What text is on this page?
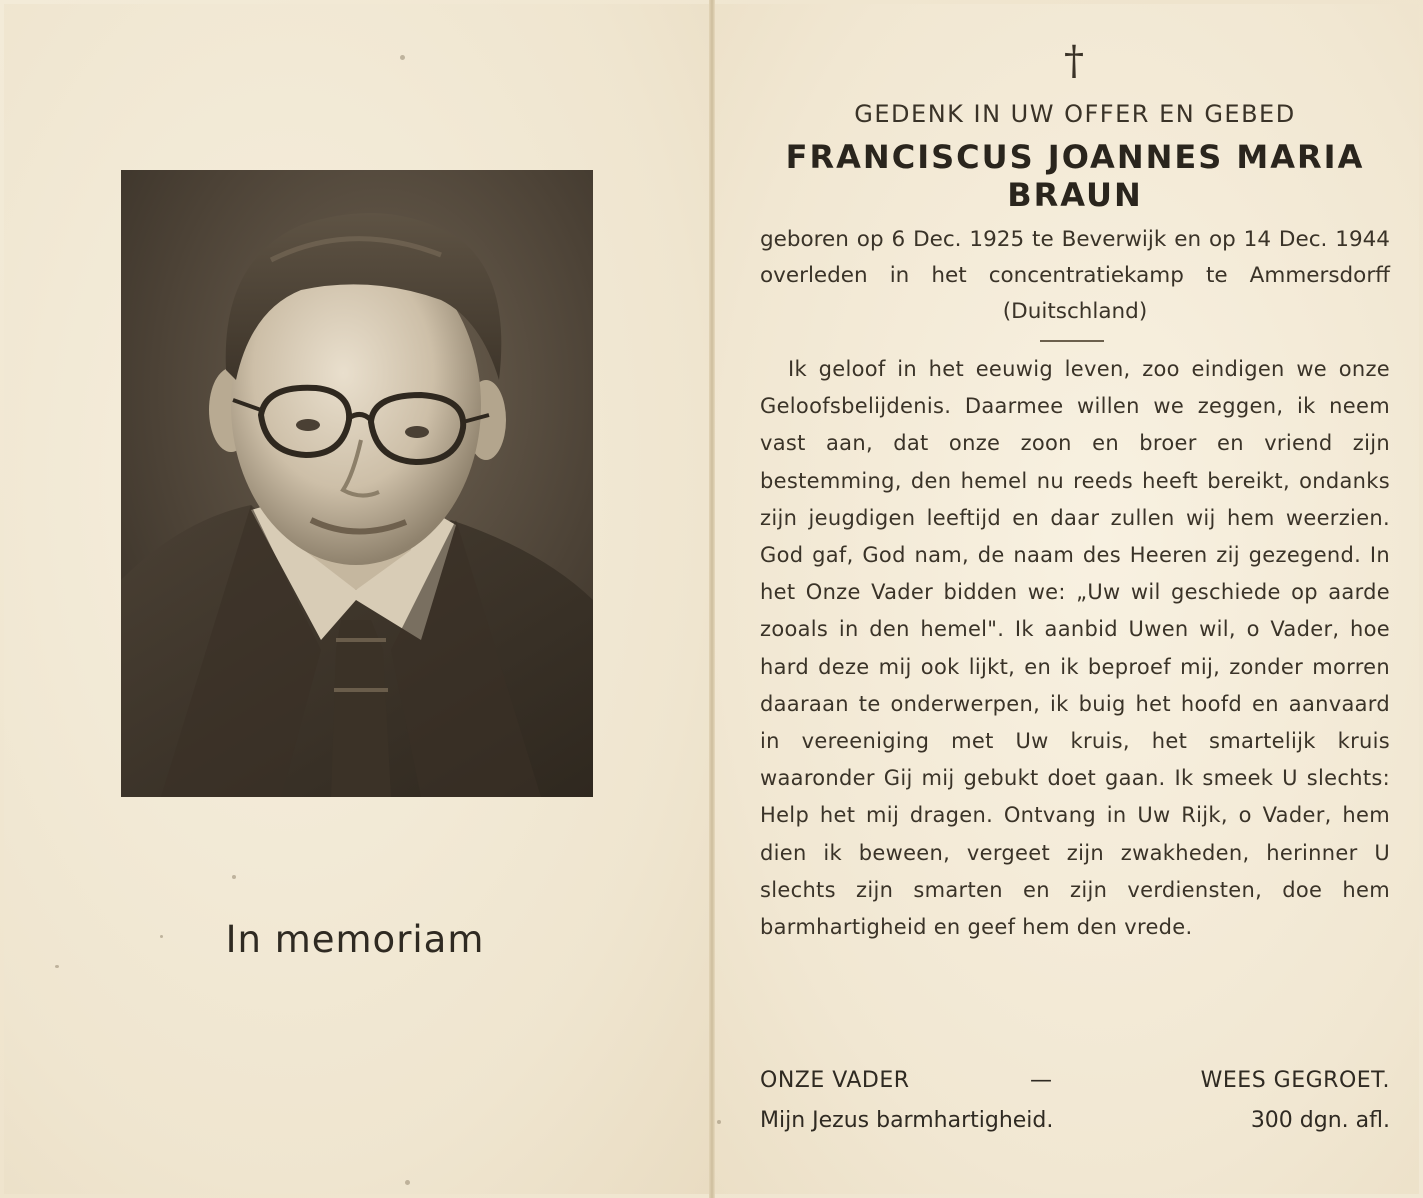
In memoriam
†
GEDENK IN UW OFFER EN GEBED
FRANCISCUS JOANNES MARIA
BRAUN
geboren op 6 Dec. 1925 te Beverwijk en op 14 Dec. 1944 overleden in het concentratiekamp te Ammersdorff (Duitschland)
Ik geloof in het eeuwig leven, zoo eindigen we onze Geloofsbelijdenis. Daarmee willen we zeggen, ik neem vast aan, dat onze zoon en broer en vriend zijn bestemming, den hemel nu reeds heeft bereikt, ondanks zijn jeugdigen leeftijd en daar zullen wij hem weerzien. God gaf, God nam, de naam des Heeren zij gezegend. In het Onze Vader bidden we: „Uw wil geschiede op aarde zooals in den hemel". Ik aanbid Uwen wil, o Vader, hoe hard deze mij ook lijkt, en ik beproef mij, zonder morren daaraan te onderwerpen, ik buig het hoofd en aanvaard in vereeniging met Uw kruis, het smartelijk kruis waaronder Gij mij gebukt doet gaan. Ik smeek U slechts: Help het mij dragen. Ontvang in Uw Rijk, o Vader, hem dien ik beween, vergeet zijn zwakheden, herinner U slechts zijn smarten en zijn verdiensten, doe hem barmhartigheid en geef hem den vrede.
ONZE VADER	—	WEES GEGROET.
Mijn Jezus barmhartigheid.	300 dgn. afl.
